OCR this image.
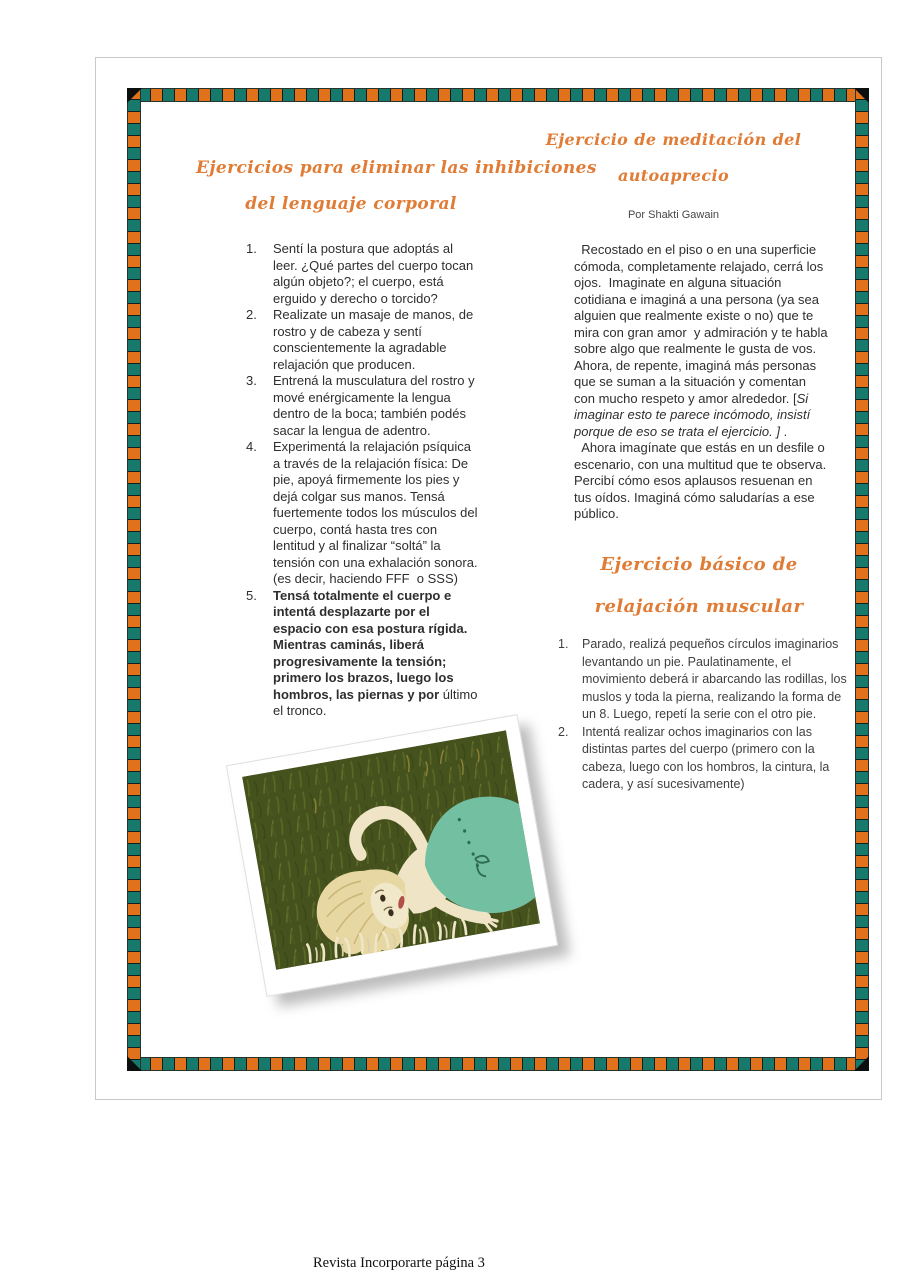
Ejercicios para eliminar las inhibiciones
del lenguaje corporal
Ejercicio de meditación del
autoaprecio
Por Shakti Gawain
1.	Sentí la postura que adoptás al leer. ¿Qué partes del cuerpo tocan algún objeto?; el cuerpo, está erguido y derecho o torcido?
2.	Realizate un masaje de manos, de rostro y de cabeza y sentí conscientemente la agradable relajación que producen.
3.	Entrená la musculatura del rostro y mové enérgicamente la lengua dentro de la boca; también podés sacar la lengua de adentro.
4.	Experimentá la relajación psíquica a través de la relajación física: De pie, apoyá firmemente los pies y dejá colgar sus manos. Tensá fuertemente todos los músculos del cuerpo, contá hasta tres con lentitud y al finalizar “soltá” la tensión con una exhalación sonora. (es decir, haciendo FFF  o SSS)
5.	Tensá totalmente el cuerpo e intentá desplazarte por el espacio con esa postura rígida. Mientras caminás, liberá progresivamente la tensión; primero los brazos, luego los hombros, las piernas y por último el tronco.
Recostado en el piso o en una superficie cómoda, completamente relajado, cerrá los ojos.  Imaginate en alguna situación cotidiana e imaginá a una persona (ya sea alguien que realmente existe o no) que te mira con gran amor  y admiración y te habla sobre algo que realmente le gusta de vos. Ahora, de repente, imaginá más personas que se suman a la situación y comentan con mucho respeto y amor alrededor. [Si imaginar esto te parece incómodo, insistí porque de eso se trata el ejercicio. ] .
Ahora imagínate que estás en un desfile o escenario, con una multitud que te observa. Percibí cómo esos aplausos resuenan en tus oídos. Imaginá cómo saludarías a ese público.
Ejercicio básico de
relajación muscular
1.	Parado, realizá pequeños círculos imaginarios levantando un pie. Paulatinamente, el movimiento deberá ir abarcando las rodillas, los muslos y toda la pierna, realizando la forma de un 8. Luego, repetí la serie con el otro pie.
2.	Intentá realizar ochos imaginarios con las distintas partes del cuerpo (primero con la cabeza, luego con los hombros, la cintura, la cadera, y así sucesivamente)
Revista Incorporarte página 3
